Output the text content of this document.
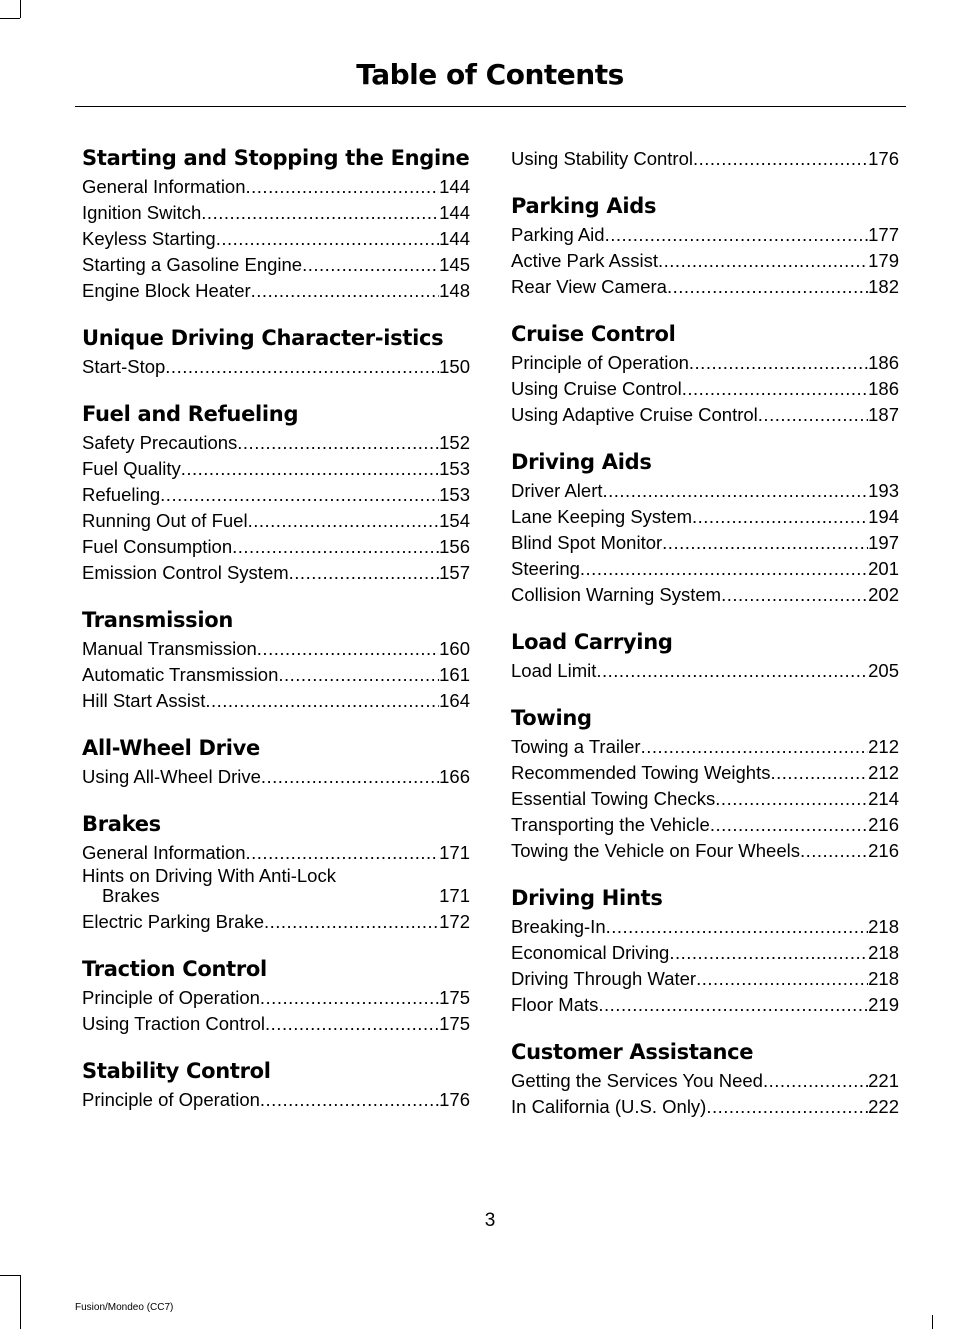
Table of Contents
Starting and Stopping the Engine
General Information .....	144
Ignition Switch .....	144
Keyless Starting .....	144
Starting a Gasoline Engine .....	145
Engine Block Heater .....	148
Unique Driving Character-istics
Start-Stop .....	150
Fuel and Refueling
Safety Precautions .....	152
Fuel Quality .....	153
Refueling .....	153
Running Out of Fuel .....	154
Fuel Consumption .....	156
Emission Control System .....	157
Transmission
Manual Transmission .....	160
Automatic Transmission .....	161
Hill Start Assist .....	164
All-Wheel Drive
Using All-Wheel Drive .....	166
Brakes
General Information .....	171
Hints on Driving With Anti-Lock
Brakes	171
Electric Parking Brake .....	172
Traction Control
Principle of Operation .....	175
Using Traction Control .....	175
Stability Control
Principle of Operation .....	176
Using Stability Control .....	176
Parking Aids
Parking Aid .....	177
Active Park Assist .....	179
Rear View Camera .....	182
Cruise Control
Principle of Operation .....	186
Using Cruise Control .....	186
Using Adaptive Cruise Control .....	187
Driving Aids
Driver Alert .....	193
Lane Keeping System .....	194
Blind Spot Monitor .....	197
Steering .....	201
Collision Warning System .....	202
Load Carrying
Load Limit .....	205
Towing
Towing a Trailer .....	212
Recommended Towing Weights .....	212
Essential Towing Checks .....	214
Transporting the Vehicle .....	216
Towing the Vehicle on Four Wheels .....	216
Driving Hints
Breaking-In .....	218
Economical Driving .....	218
Driving Through Water .....	218
Floor Mats .....	219
Customer Assistance
Getting the Services You Need .....	221
In California (U.S. Only) .....	222
3
Fusion/Mondeo (CC7)
